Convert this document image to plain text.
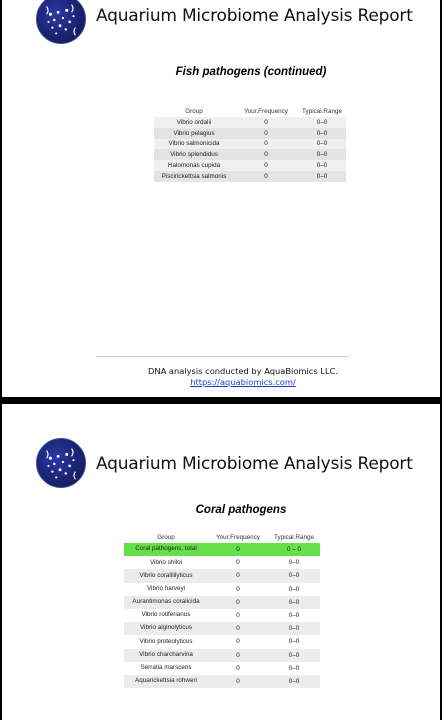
Aquarium Microbiome Analysis Report
Fish pathogens (continued)
Group	Your.Frequency	Typical.Range
Vibrio ordalii	0	0–0
Vibrio pelagius	0	0–0
Vibrio salmonicida	0	0–0
Vibrio splendidus	0	0–0
Halomonas cupida	0	0–0
Piscirickettsia salmonis	0	0–0
DNA analysis conducted by AquaBiomics LLC.
https://aquabiomics.com/
Aquarium Microbiome Analysis Report
Coral pathogens
Group	Your.Frequency	Typical.Range
Coral pathogens, total	0	0 – 0
Vibrio shiloi	0	0–0
Vibrio coralliilyticus	0	0–0
Vibrio harveyi	0	0–0
Aurantimonas coralicida	0	0–0
Vibrio rotiferianus	0	0–0
Vibrio alginolyticus	0	0–0
Vibrio proteolyticus	0	0–0
Vibrio charcharvina	0	0–0
Serratia marscens	0	0–0
Aquarickettsia rohweri	0	0–0
